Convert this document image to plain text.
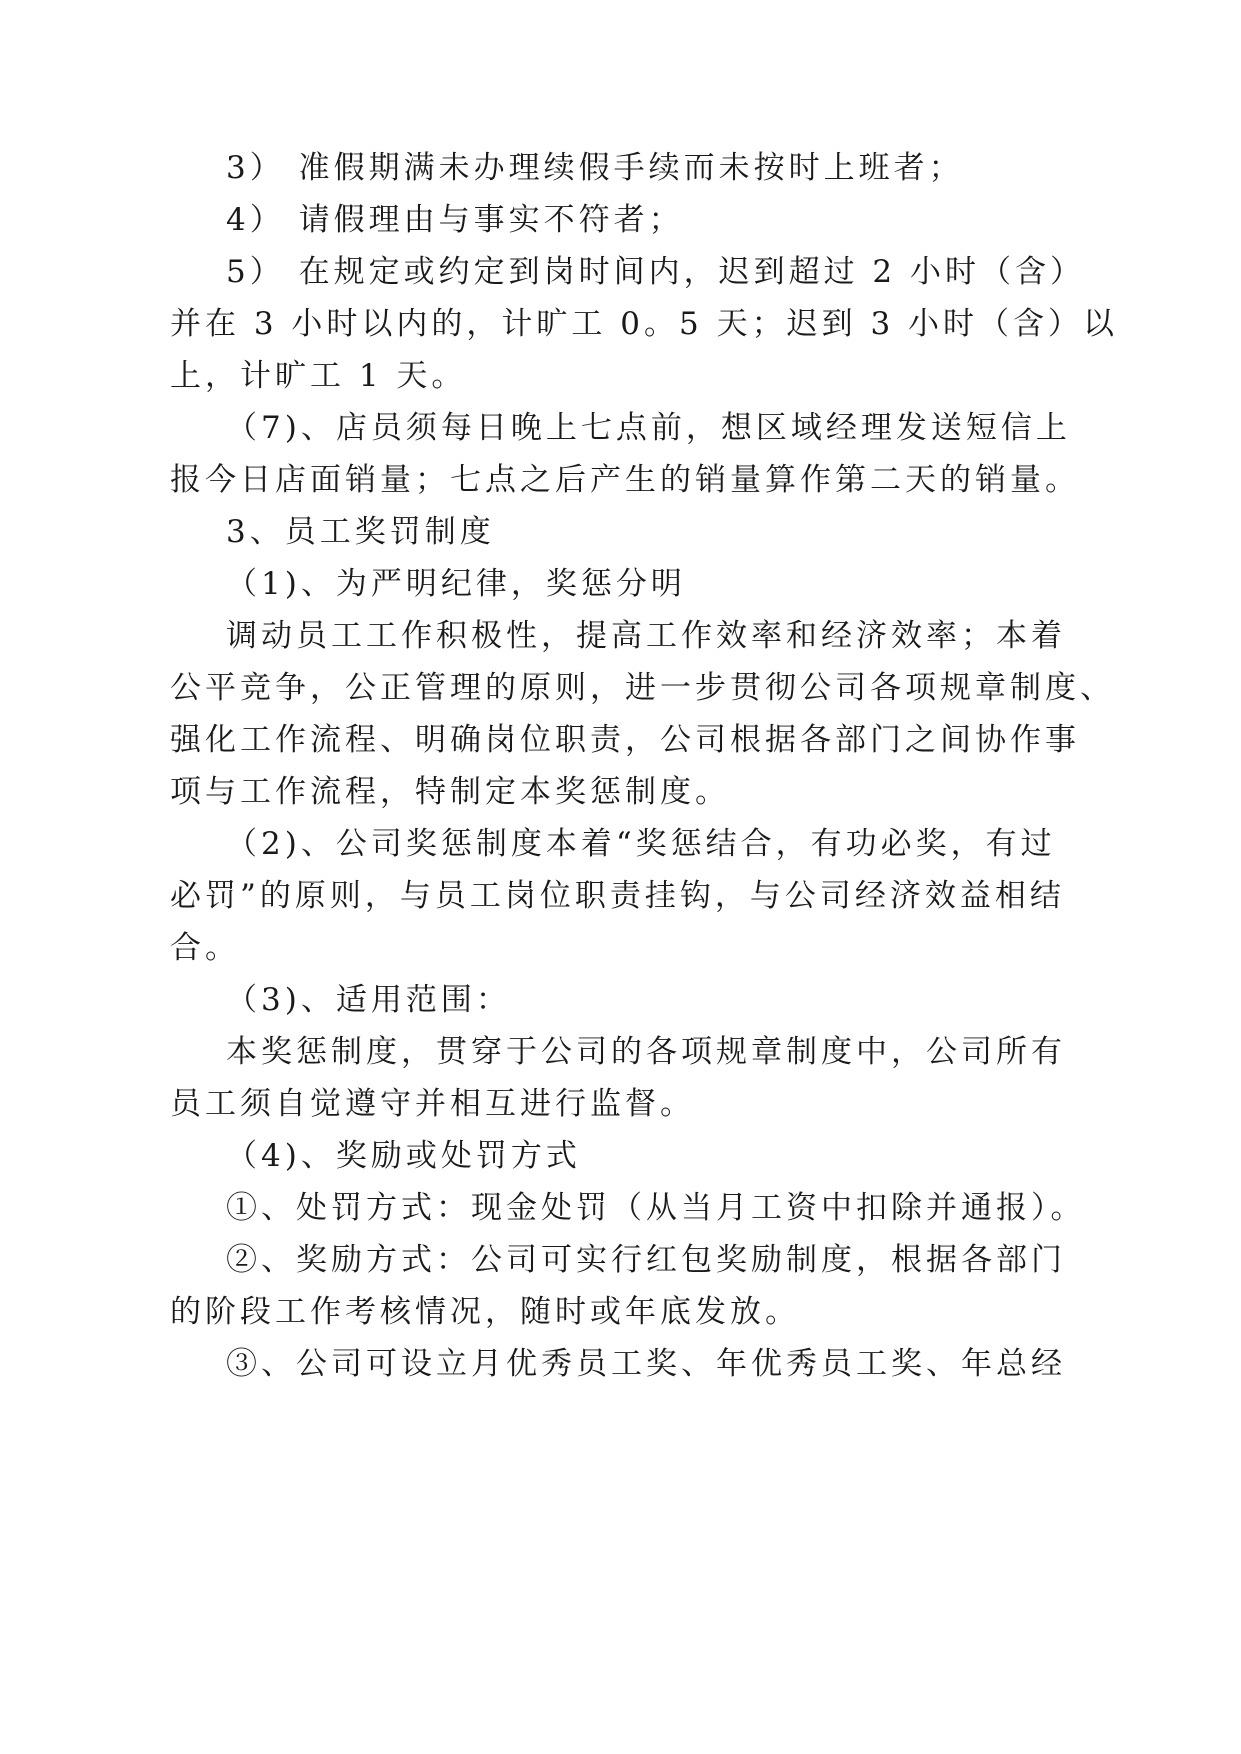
3） 准假期满未办理续假手续而未按时上班者；
4） 请假理由与事实不符者；
5） 在规定或约定到岗时间内，迟到超过 2 小时（含）
并在 3 小时以内的，计旷工 0。5 天；迟到 3 小时（含）以
上，计旷工 1 天。
（7)、店员须每日晚上七点前，想区域经理发送短信上
报今日店面销量；七点之后产生的销量算作第二天的销量。
3、员工奖罚制度
（1)、为严明纪律，奖惩分明
调动员工工作积极性，提高工作效率和经济效率；本着
公平竞争，公正管理的原则，进一步贯彻公司各项规章制度、
强化工作流程、明确岗位职责，公司根据各部门之间协作事
项与工作流程，特制定本奖惩制度。
（2)、公司奖惩制度本着“奖惩结合，有功必奖，有过
必罚”的原则，与员工岗位职责挂钩，与公司经济效益相结
合。
（3)、适用范围：
本奖惩制度，贯穿于公司的各项规章制度中，公司所有
员工须自觉遵守并相互进行监督。
（4)、奖励或处罚方式
①、处罚方式：现金处罚（从当月工资中扣除并通报）。
②、奖励方式：公司可实行红包奖励制度，根据各部门
的阶段工作考核情况，随时或年底发放。
③、公司可设立月优秀员工奖、年优秀员工奖、年总经
